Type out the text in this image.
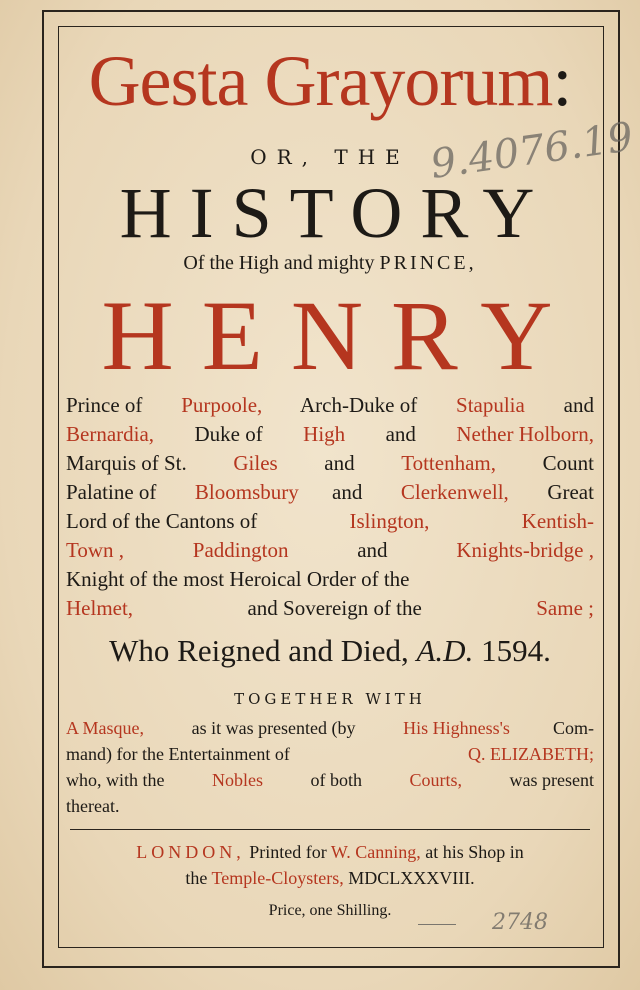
Gesta Grayorum:
9.4076.19
OR, THE
HISTORY
Of the High and mighty PRINCE,
HENRY
Prince of Purpoole, Arch-Duke of Stapulia and
Bernardia, Duke of High and Nether Holborn,
Marquis of St. Giles and Tottenham, Count
Palatine of Bloomsbury and Clerkenwell, Great
Lord of the Cantons of	Islington,	Kentish-
Town ,	Paddington	and	Knights-bridge ,
Knight of the most Heroical Order of the
Helmet,	and Sovereign of the	Same ;
Who Reigned and Died, A.D. 1594.
TOGETHER WITH
A Masque, as it was presented (by His Highness's Com-
mand) for the Entertainment of	Q. ELIZABETH;
who, with the Nobles of both Courts, was present
thereat.
LONDON, Printed for W. Canning, at his Shop in
the Temple-Cloysters, MDCLXXXVIII.
Price, one Shilling.	2748
